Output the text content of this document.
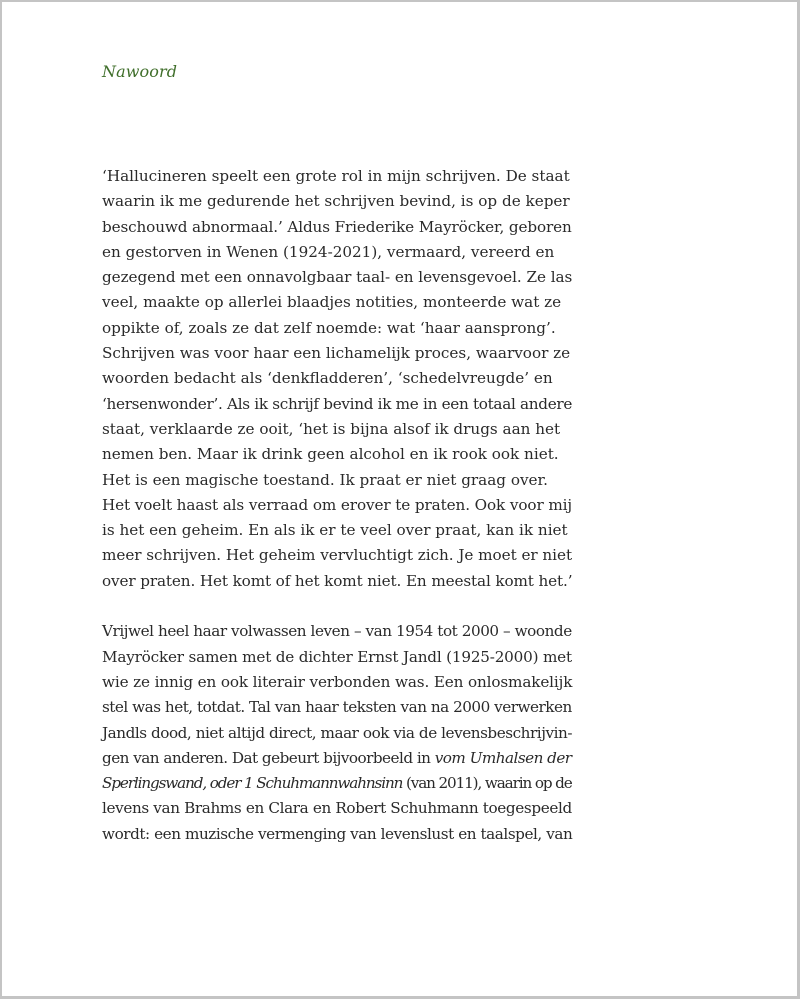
Nawoord

‘Hallucineren speelt een grote rol in mijn schrijven. De staat
waarin ik me gedurende het schrijven bevind, is op de keper
beschouwd abnormaal.’ Aldus Friederike Mayröcker, geboren
en gestorven in Wenen (1924-2021), vermaard, vereerd en
gezegend met een onnavolgbaar taal- en levensgevoel. Ze las
veel, maakte op allerlei blaadjes notities, monteerde wat ze
oppikte of, zoals ze dat zelf noemde: wat ‘haar aansprong’.
Schrijven was voor haar een lichamelijk proces, waarvoor ze
woorden bedacht als ‘denkfladderen’, ‘schedelvreugde’ en
‘hersenwonder’. Als ik schrijf bevind ik me in een totaal andere
staat, verklaarde ze ooit, ‘het is bijna alsof ik drugs aan het
nemen ben. Maar ik drink geen alcohol en ik rook ook niet.
Het is een magische toestand. Ik praat er niet graag over.
Het voelt haast als verraad om erover te praten. Ook voor mij
is het een geheim. En als ik er te veel over praat, kan ik niet
meer schrijven. Het geheim vervluchtigt zich. Je moet er niet
over praten. Het komt of het komt niet. En meestal komt het.’

Vrijwel heel haar volwassen leven – van 1954 tot 2000 – woonde
Mayröcker samen met de dichter Ernst Jandl (1925-2000) met
wie ze innig en ook literair verbonden was. Een onlosmakelijk
stel was het, totdat. Tal van haar teksten van na 2000 verwerken
Jandls dood, niet altijd direct, maar ook via de levensbeschrijvin-
gen van anderen. Dat gebeurt bijvoorbeeld in vom Umhalsen der
Sperlingswand, oder 1 Schuhmannwahnsinn (van 2011), waarin op de
levens van Brahms en Clara en Robert Schuhmann toegespeeld
wordt: een muzische vermenging van levenslust en taalspel, van
